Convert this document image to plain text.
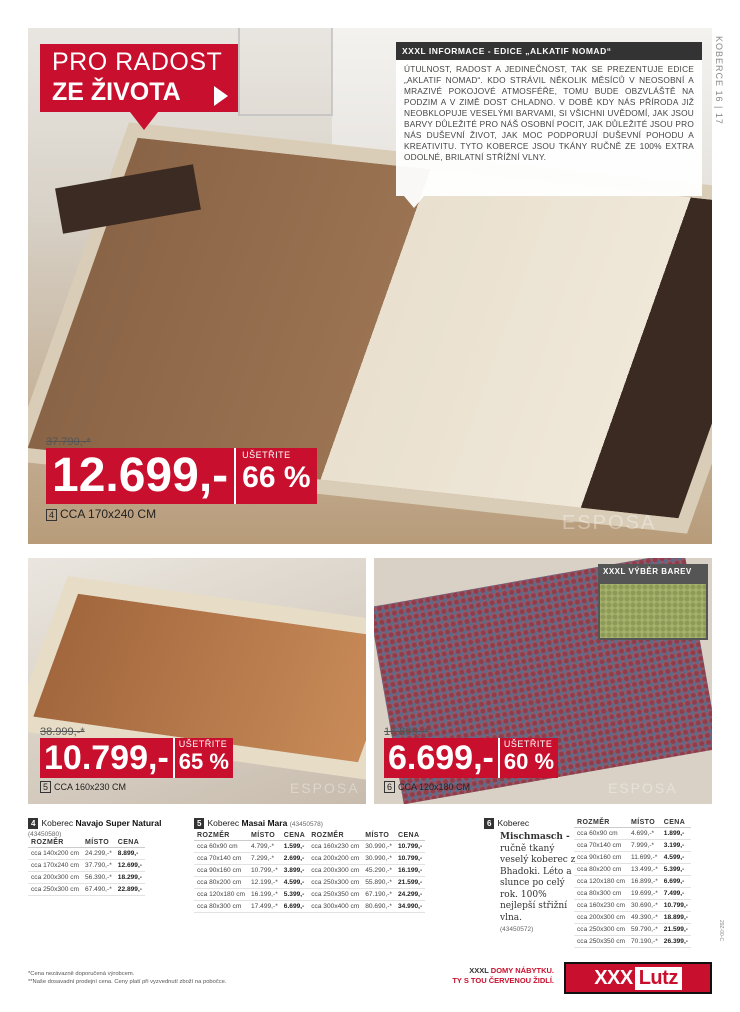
PRO RADOST
ZE ŽIVOTA
XXXL INFORMACE - EDICE „ALKATIF NOMAD“
ÚTULNOST, RADOST A JEDINEČNOST, TAK SE PREZENTUJE EDICE „AKLATIF NOMAD“. KDO STRÁVIL NĚKOLIK MĚSÍCŮ V NEOSOBNÍ A MRAZIVÉ POKOJOVÉ ATMOSFÉŘE, TOMU BUDE OBZVLÁŠTĚ NA PODZIM A V ZIMĚ DOST CHLADNO. V DOBĚ KDY NÁS PŘÍRODA JIŽ NEOBKLOPUJE VESELÝMI BARVAMI, SI VŠICHNI UVĚDOMÍ, JAK JSOU BARVY DŮLEŽITÉ PRO NÁŠ OSOBNÍ POCIT, JAK DŮLEŽITÉ JSOU PRO NÁS DUŠEVNÍ ŽIVOT, JAK MOC PODPORUJÍ DUŠEVNÍ POHODU A KREATIVITU. TYTO KOBERCE JSOU TKÁNY RUČNĚ ZE 100% EXTRA ODOLNÉ, BRILATNÍ STŘÍŽNÍ VLNY.
KOBERCE 16 | 17
37.790,-*
12.699,-	UŠETŘITE
66 %
4 CCA 170x240 CM	ESPOSA
38.999,-*
10.799,-	UŠETŘITE
65 %
5 CCA 160x230 CM	ESPOSA
XXXL VÝBĚR BAREV
16.899,-*
6.699,-	UŠETŘITE
60 %
6 CCA 120x180 CM	ESPOSA
4 Koberec Navajo Super Natural
(43450580)
ROZMĚR	MÍSTO	CENA
cca 140x200 cm	24.299,-*	8.899,-
cca 170x240 cm	37.790,-*	12.699,-
cca 200x300 cm	56.390,-*	18.299,-
cca 250x300 cm	67.490,-*	22.899,-
5 Koberec Masai Mara (43450578)
ROZMĚR	MÍSTO	CENA	ROZMĚR	MÍSTO	CENA
cca 60x90 cm	4.799,-*	1.599,-	cca 160x230 cm	30.990,-*	10.799,-
cca 70x140 cm	7.299,-*	2.699,-	cca 200x200 cm	30.990,-*	10.799,-
cca 90x160 cm	10.799,-*	3.899,-	cca 200x300 cm	45.290,-*	16.199,-
cca 80x200 cm	12.199,-*	4.599,-	cca 250x300 cm	55.890,-*	21.599,-
cca 120x180 cm	16.199,-*	5.399,-	cca 250x350 cm	67.190,-*	24.299,-
cca 80x300 cm	17.499,-*	6.699,-	cca 300x400 cm	80.690,-*	34.990,-
6 Koberec
Mischmasch -
ručně tkaný veselý koberec z Bhadoki. Léto a slunce po celý rok. 100% nejlepší střižní vlna.
(43450572)
ROZMĚR	MÍSTO	CENA
cca 60x90 cm	4.699,-*	1.899,-
cca 70x140 cm	7.999,-*	3.199,-
cca 90x160 cm	11.699,-*	4.599,-
cca 80x200 cm	13.499,-*	5.399,-
cca 120x180 cm	16.899,-*	6.699,-
cca 80x300 cm	19.699,-*	7.499,-
cca 160x230 cm	30.690,-*	10.799,-
cca 200x300 cm	49.390,-*	18.899,-
cca 250x300 cm	59.790,-*	21.599,-
cca 250x350 cm	70.190,-*	26.399,-
29Z-00-C
*Cena nezávazně doporučená výrobcem.
**Naše dosavadní prodejní cena. Ceny platí při vyzvednutí zboží na pobočce.
XXXL DOMY NÁBYTKU.
TY S TOU ČERVENOU ŽIDLÍ. XXX Lutz
